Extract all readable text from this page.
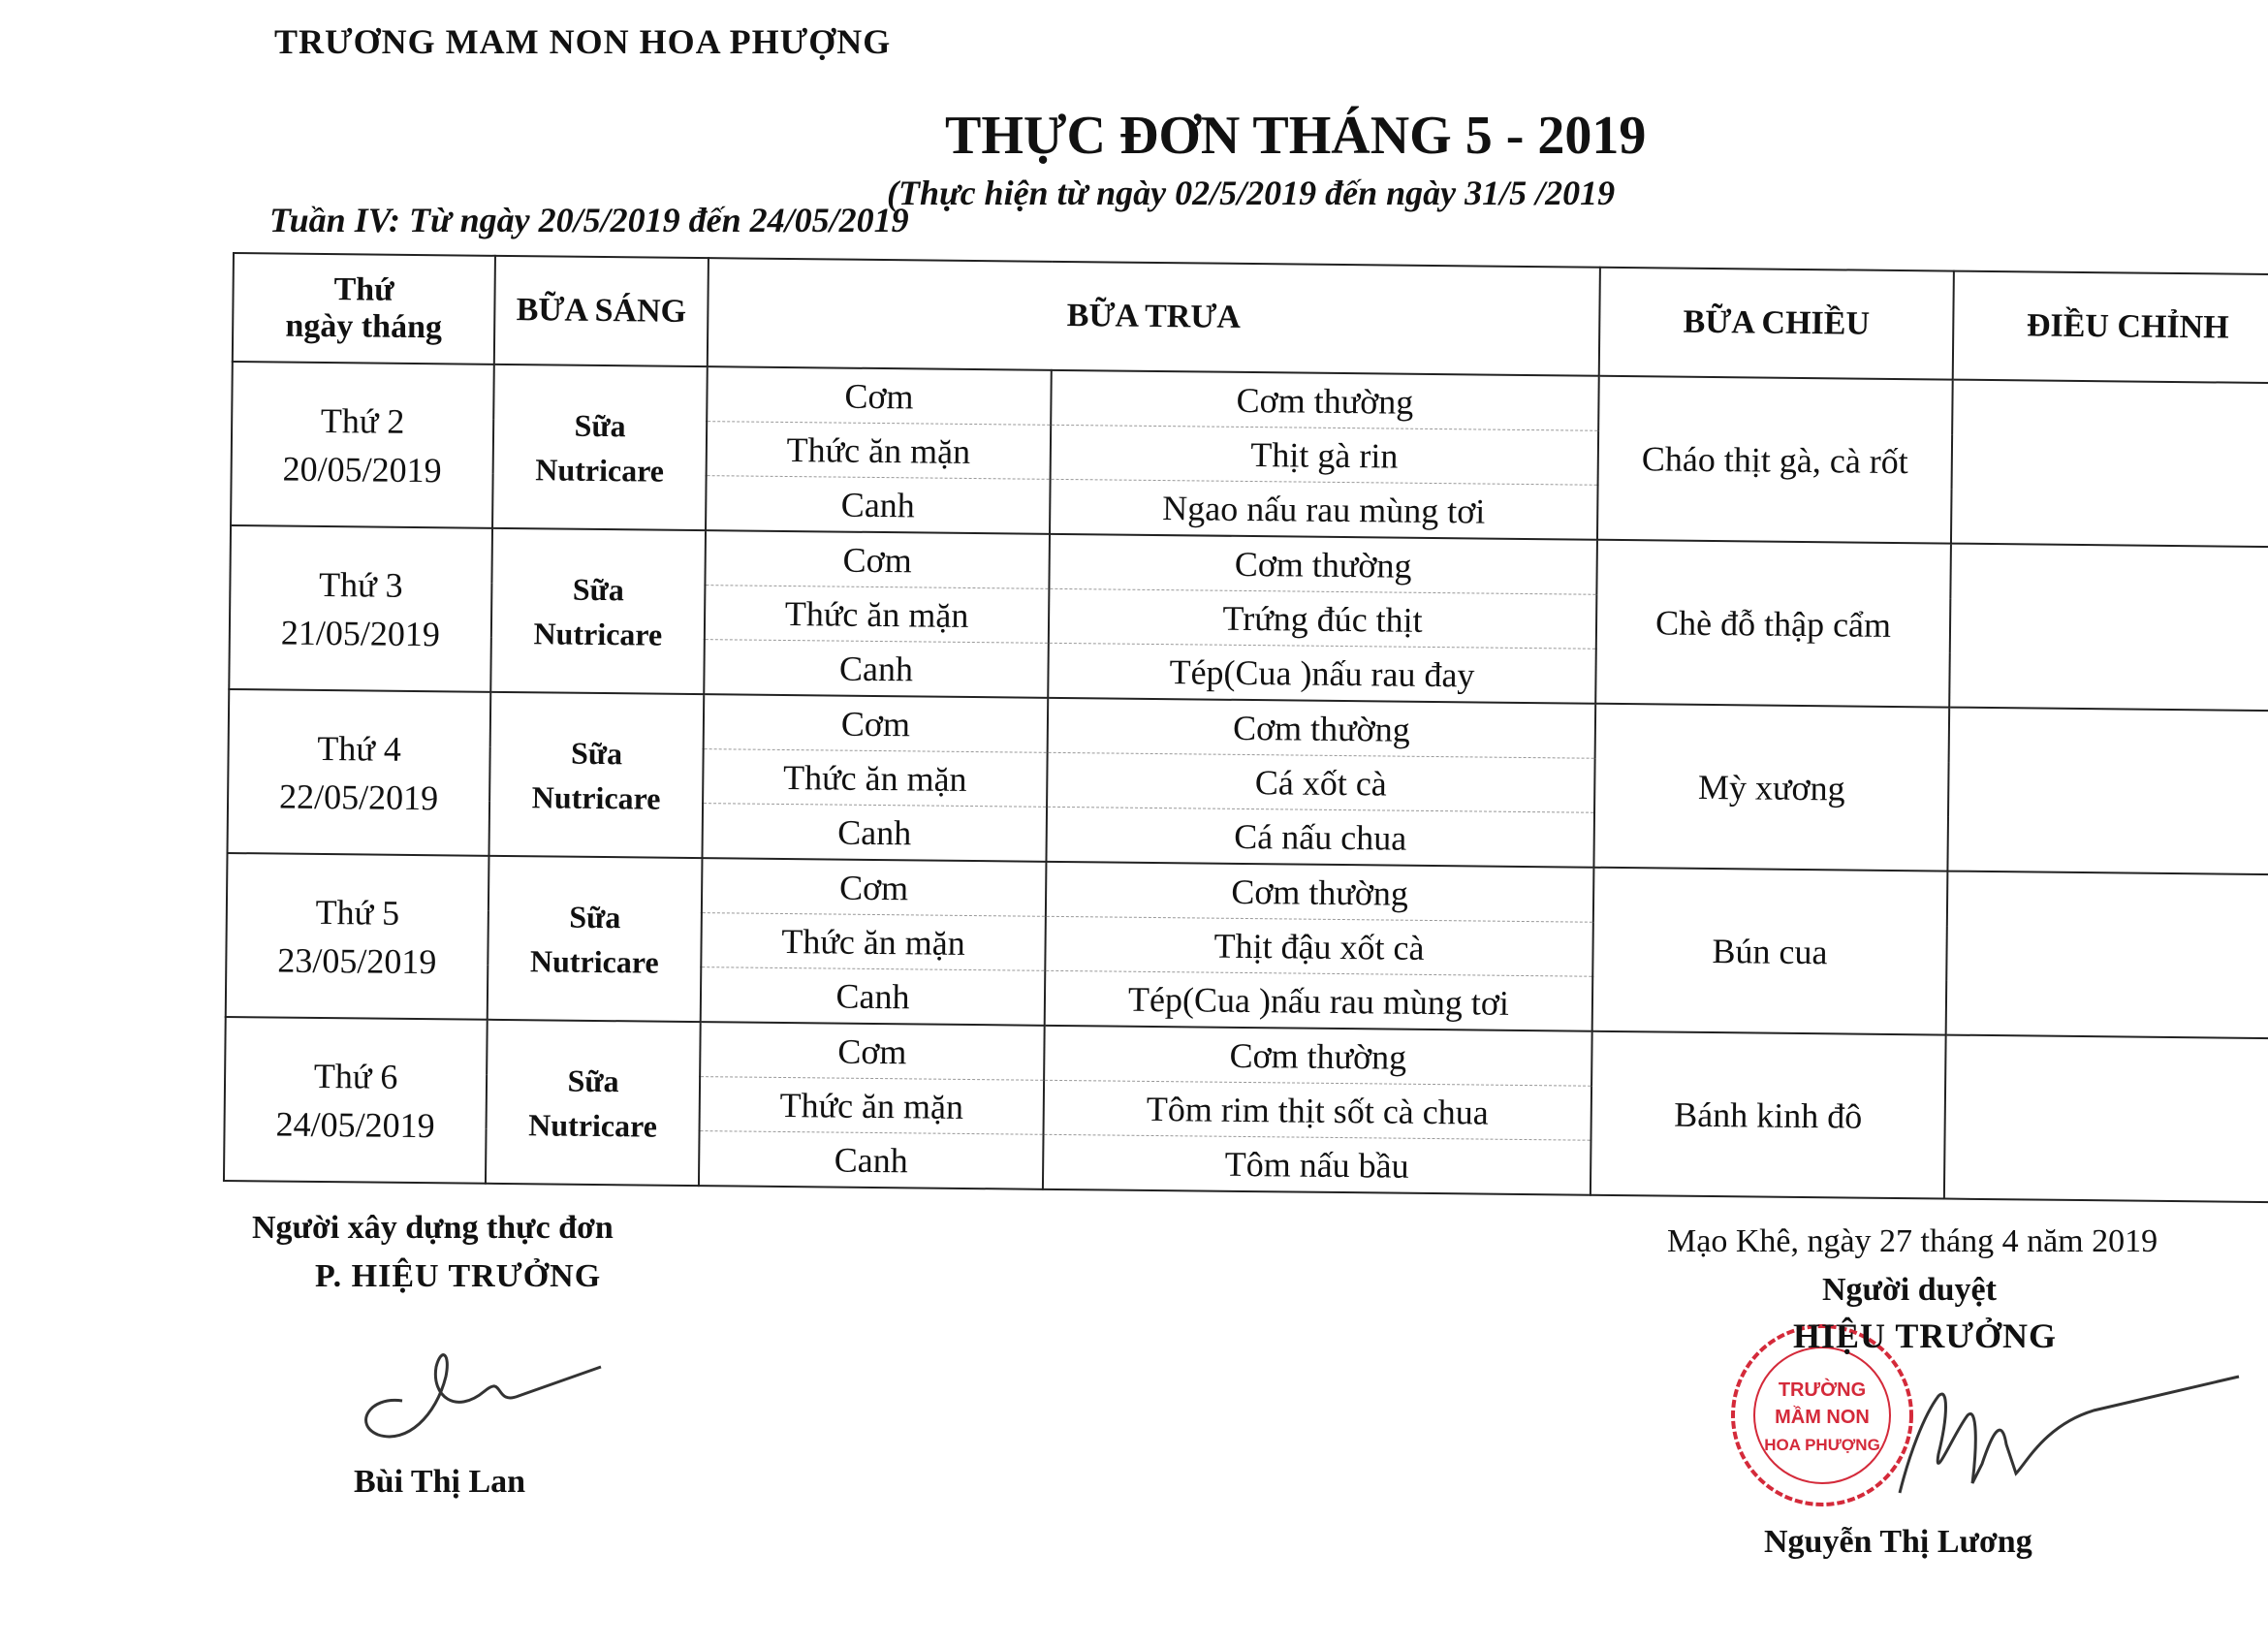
TRƯƠNG MAM NON HOA PHƯỢNG
THỰC ĐƠN THÁNG 5 - 2019
(Thực hiện từ ngày 02/5/2019 đến ngày 31/5 /2019
Tuần IV: Từ ngày 20/5/2019 đến 24/05/2019
Thứ
ngày tháng	BỮA SÁNG	BỮA TRƯA		BỮA CHIỀU	ĐIỀU CHỈNH
Thứ 2
20/05/2019	Sữa
Nutricare	Cơm	Cơm thường	Cháo thịt gà, cà rốt	
		Thức ăn mặn	Thịt gà rin		
		Canh	Ngao nấu rau mùng tơi		
Thứ 3
21/05/2019	Sữa
Nutricare	Cơm	Cơm thường	Chè đỗ thập cẩm	
		Thức ăn mặn	Trứng đúc thịt		
		Canh	Tép(Cua )nấu rau đay		
Thứ 4
22/05/2019	Sữa
Nutricare	Cơm	Cơm thường	Mỳ xương	
		Thức ăn mặn	Cá xốt cà		
		Canh	Cá nấu chua		
Thứ 5
23/05/2019	Sữa
Nutricare	Cơm	Cơm thường	Bún cua	
		Thức ăn mặn	Thịt đậu xốt cà		
		Canh	Tép(Cua )nấu rau mùng tơi		
Thứ 6
24/05/2019	Sữa
Nutricare	Cơm	Cơm thường	Bánh kinh đô	
		Thức ăn mặn	Tôm rim thịt sốt cà chua		
		Canh	Tôm nấu bầu		
Người xây dựng thực đơn
P. HIỆU TRƯỞNG
Bùi Thị Lan
Mạo Khê, ngày 27 tháng 4 năm 2019
Người duyệt
TRƯỜNG
MẦM NON
HOA PHƯỢNG
HIỆU TRƯỞNG
Nguyễn Thị Lương
